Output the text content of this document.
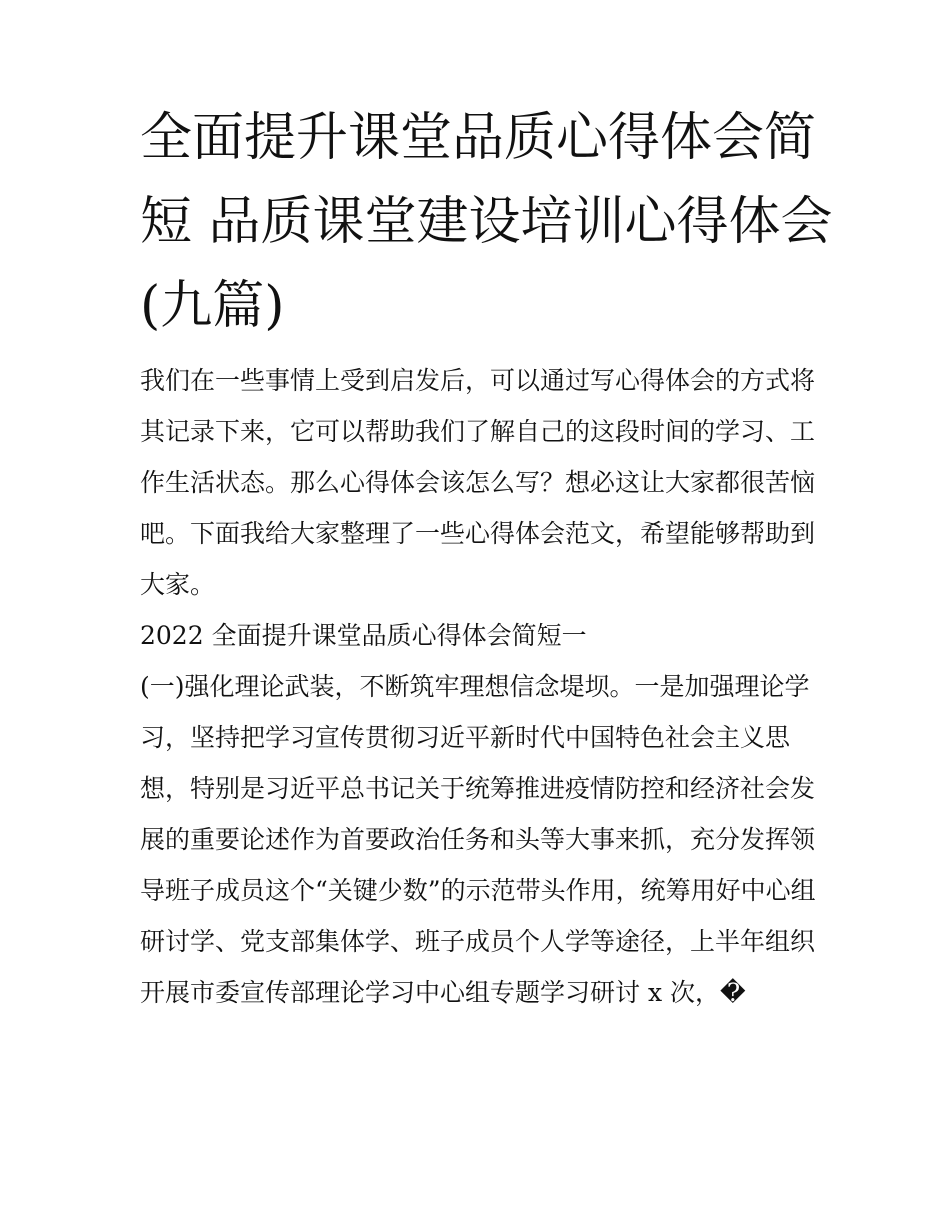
全面提升课堂品质心得体会简
短 品质课堂建设培训心得体会
(九篇)

我们在一些事情上受到启发后，可以通过写心得体会的方式将
其记录下来，它可以帮助我们了解自己的这段时间的学习、工
作生活状态。那么心得体会该怎么写？想必这让大家都很苦恼
吧。下面我给大家整理了一些心得体会范文，希望能够帮助到
大家。

2022 全面提升课堂品质心得体会简短一

(一)强化理论武装，不断筑牢理想信念堤坝。一是加强理论学
习，坚持把学习宣传贯彻习近平新时代中国特色社会主义思
想，特别是习近平总书记关于统筹推进疫情防控和经济社会发
展的重要论述作为首要政治任务和头等大事来抓，充分发挥领
导班子成员这个“关键少数”的示范带头作用，统筹用好中心组
研讨学、党支部集体学、班子成员个人学等途径，上半年组织
开展市委宣传部理论学习中心组专题学习研讨 x 次，�
